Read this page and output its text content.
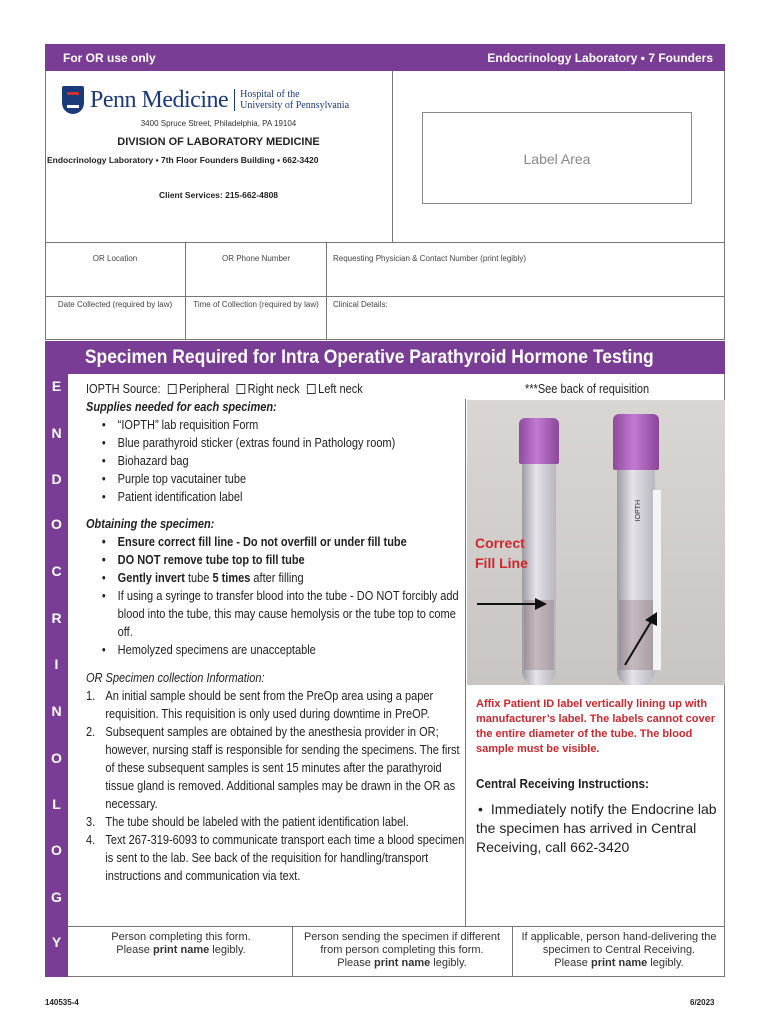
For OR use only	Endocrinology Laboratory ▪ 7 Founders
Penn Medicine Hospital of the
University of Pennsylvania
3400 Spruce Street, Philadelphia, PA 19104
DIVISION OF LABORATORY MEDICINE
Endocrinology Laboratory ▪ 7th Floor Founders Building ▪ 662-3420
Client Services: 215-662-4808
Label Area
OR Location	OR Phone Number	Requesting Physician & Contact Number (print legibly)
Date Collected (required by law)	Time of Collection (required by law)	Clinical Details:
Specimen Required for Intra Operative Parathyroid Hormone Testing
E
N
D
O
C
R
I
N
O
L
O
G
Y
IOPTH Source: Peripheral Right neck Left neck	***See back of requisition
Supplies needed for each specimen:
• “IOPTH” lab requisition Form
• Blue parathyroid sticker (extras found in Pathology room)
• Biohazard bag
• Purple top vacutainer tube
• Patient identification label
Obtaining the specimen:
• Ensure correct fill line - Do not overfill or under fill tube
• DO NOT remove tube top to fill tube
• Gently invert tube 5 times after filling
• If using a syringe to transfer blood into the tube - DO NOT forcibly add blood into the tube, this may cause hemolysis or the tube top to come off.
• Hemolyzed specimens are unacceptable
OR Specimen collection Information:
1. An initial sample should be sent from the PreOp area using a paper requisition. This requisition is only used during downtime in PreOP.
2. Subsequent samples are obtained by the anesthesia provider in OR; however, nursing staff is responsible for sending the specimens. The first of these subsequent samples is sent 15 minutes after the parathyroid tissue gland is removed. Additional samples may be drawn in the OR as necessary.
3. The tube should be labeled with the patient identification label.
4. Text 267-319-6093 to communicate transport each time a blood specimen is sent to the lab. See back of the requisition for handling/transport instructions and communication via text.
IOPTH
Correct
Fill Line
Affix Patient ID label vertically lining up with manufacturer’s label. The labels cannot cover the entire diameter of the tube. The blood sample must be visible.
Central Receiving Instructions:
• Immediately notify the Endocrine lab the specimen has arrived in Central Receiving, call 662-3420
Person completing this form.
Please print name legibly.
Person sending the specimen if different from person completing this form.
Please print name legibly.
If applicable, person hand-delivering the specimen to Central Receiving.
Please print name legibly.
140535-4	6/2023
